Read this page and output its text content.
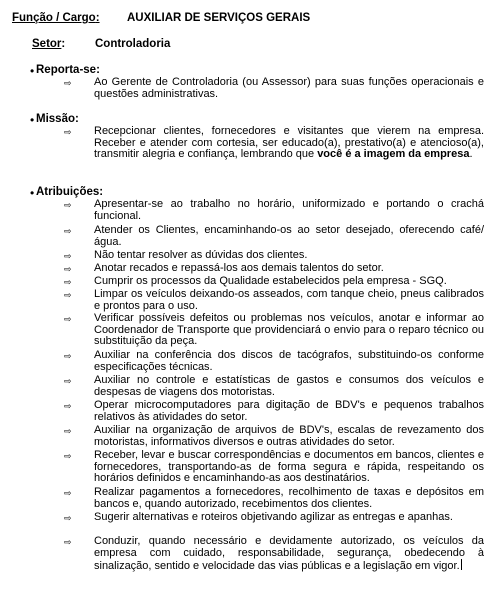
Função / Cargo: AUXILIAR DE SERVIÇOS GERAIS
Setor:	Controladoria
• Reporta-se:
⇨	Ao Gerente de Controladoria (ou Assessor) para suas funções operacionais e questões administrativas.
• Missão:
⇨	Recepcionar clientes, fornecedores e visitantes que vierem na empresa. Receber e atender com cortesia, ser educado(a), prestativo(a) e atencioso(a), transmitir alegria e confiança, lembrando que você é a imagem da empresa.
• Atribuições:
⇨	Apresentar-se ao trabalho no horário, uniformizado e portando o crachá funcional.
⇨	Atender os Clientes, encaminhando-os ao setor desejado, oferecendo café/água.
⇨	Não tentar resolver as dúvidas dos clientes.
⇨	Anotar recados e repassá-los aos demais talentos do setor.
⇨	Cumprir os processos da Qualidade estabelecidos pela empresa - SGQ.
⇨	Limpar os veículos deixando-os asseados, com tanque cheio, pneus calibrados e prontos para o uso.
⇨	Verificar possíveis defeitos ou problemas nos veículos, anotar e informar ao Coordenador de Transporte que providenciará o envio para o reparo técnico ou substituição da peça.
⇨	Auxiliar na conferência dos discos de tacógrafos, substituindo-os conforme especificações técnicas.
⇨	Auxiliar no controle e estatísticas de gastos e consumos dos veículos e despesas de viagens dos motoristas.
⇨	Operar microcomputadores para digitação de BDV's e pequenos trabalhos relativos às atividades do setor.
⇨	Auxiliar na organização de arquivos de BDV's, escalas de revezamento dos motoristas, informativos diversos e outras atividades do setor.
⇨	Receber, levar e buscar correspondências e documentos em bancos, clientes e fornecedores, transportando-as de forma segura e rápida, respeitando os horários definidos e encaminhando-as aos destinatários.
⇨	Realizar pagamentos a fornecedores, recolhimento de taxas e depósitos em bancos e, quando autorizado, recebimentos dos clientes.
⇨	Sugerir alternativas e roteiros objetivando agilizar as entregas e apanhas.
⇨	Conduzir, quando necessário e devidamente autorizado, os veículos da empresa com cuidado, responsabilidade, segurança, obedecendo à sinalização, sentido e velocidade das vias públicas e a legislação em vigor.
